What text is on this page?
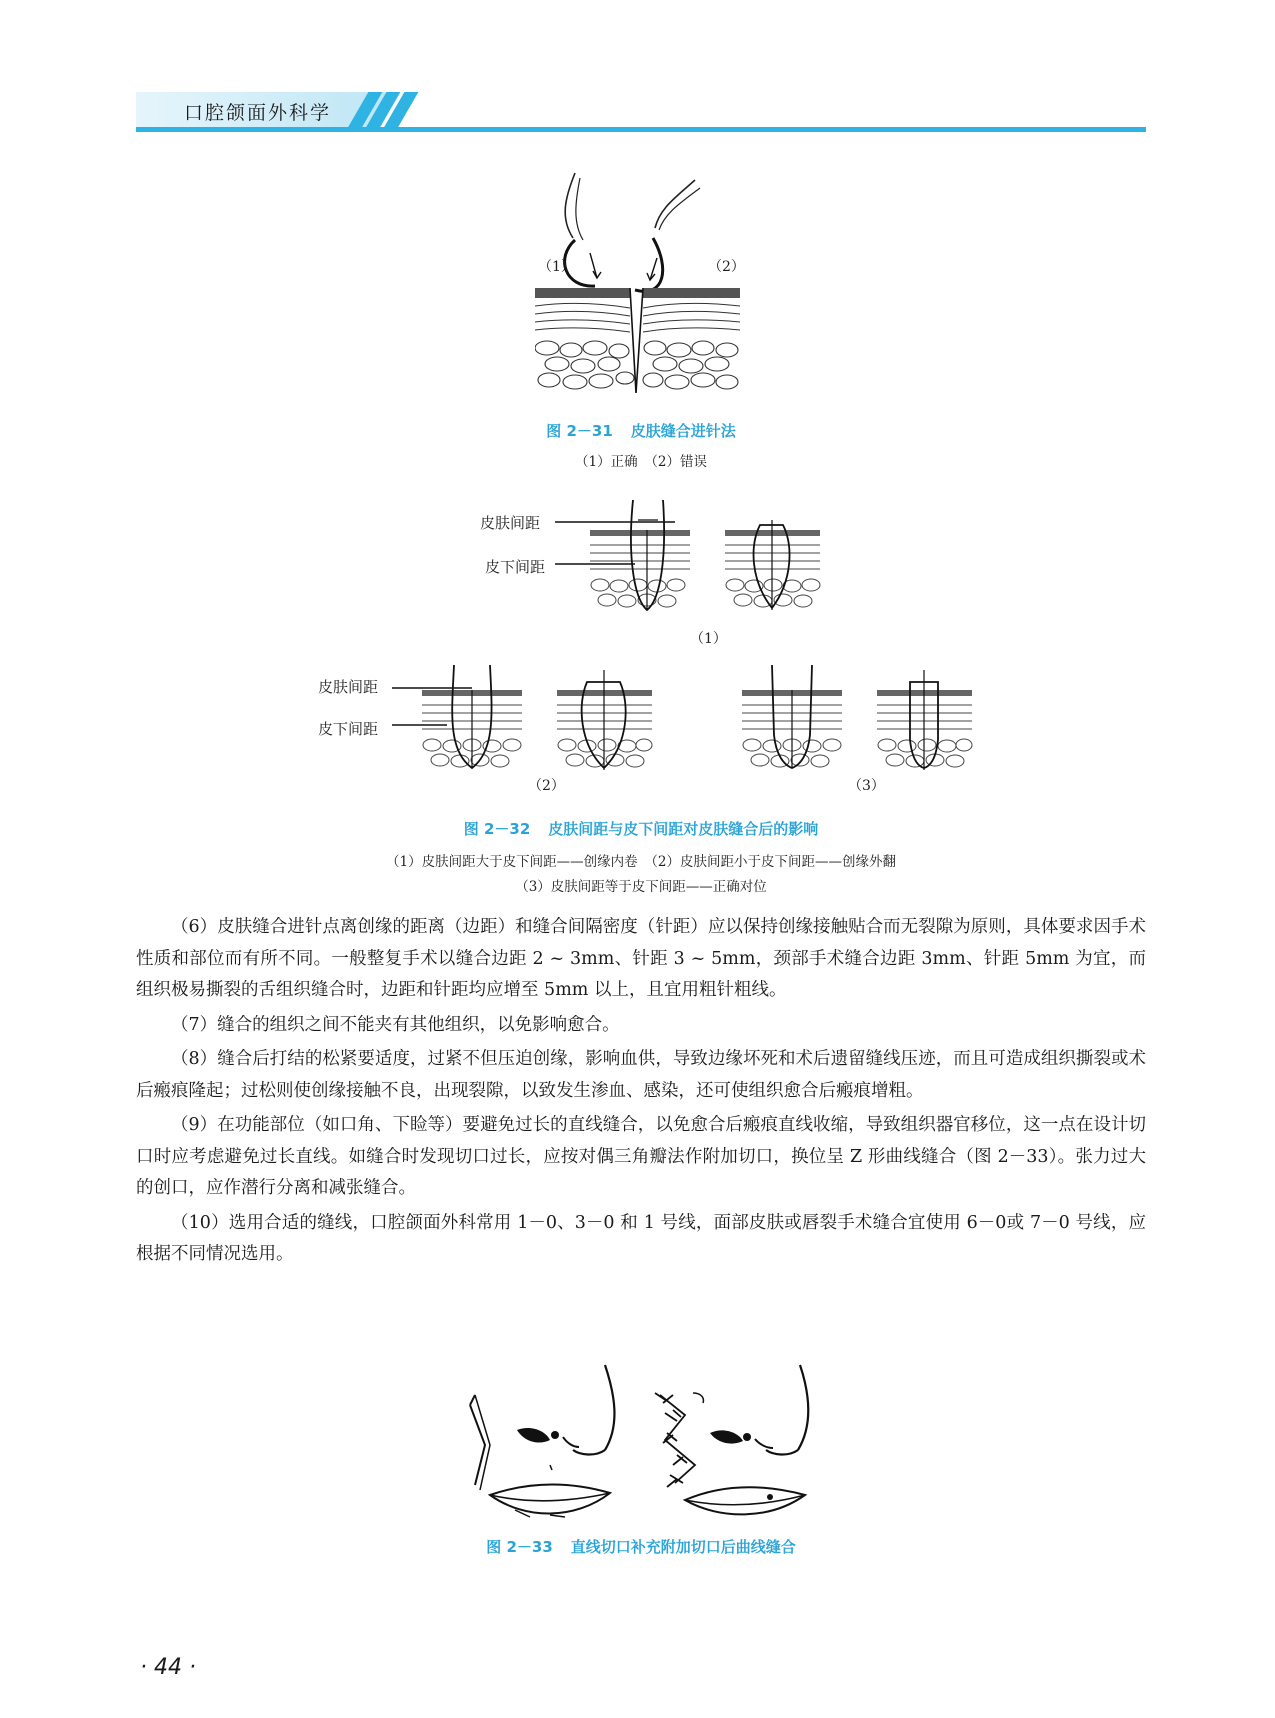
口腔颌面外科学
（1）	（2）
图 2－31 皮肤缝合进针法
（1）正确　（2）错误
皮肤间距
皮下间距
（1）
皮肤间距
皮下间距
（2）	（3）
图 2－32 皮肤间距与皮下间距对皮肤缝合后的影响
（1）皮肤间距大于皮下间距——创缘内卷　（2）皮肤间距小于皮下间距——创缘外翻
（3）皮肤间距等于皮下间距——正确对位

（6）皮肤缝合进针点离创缘的距离（边距）和缝合间隔密度（针距）应以保持创缘接触贴合而无裂隙为原则，具体要求因手术性质和部位而有所不同。一般整复手术以缝合边距 2 ~ 3mm、针距 3 ~ 5mm，颈部手术缝合边距 3mm、针距 5mm 为宜，而组织极易撕裂的舌组织缝合时，边距和针距均应增至 5mm 以上，且宜用粗针粗线。

（7）缝合的组织之间不能夹有其他组织，以免影响愈合。

（8）缝合后打结的松紧要适度，过紧不但压迫创缘，影响血供，导致边缘坏死和术后遗留缝线压迹，而且可造成组织撕裂或术后瘢痕隆起；过松则使创缘接触不良，出现裂隙，以致发生渗血、感染，还可使组织愈合后瘢痕增粗。

（9）在功能部位（如口角、下睑等）要避免过长的直线缝合，以免愈合后瘢痕直线收缩，导致组织器官移位，这一点在设计切口时应考虑避免过长直线。如缝合时发现切口过长，应按对偶三角瓣法作附加切口，换位呈 Z 形曲线缝合（图 2－33）。张力过大的创口，应作潜行分离和减张缝合。

（10）选用合适的缝线，口腔颌面外科常用 1－0、3－0 和 1 号线，面部皮肤或唇裂手术缝合宜使用 6－0或 7－0 号线，应根据不同情况选用。

图 2－33 直线切口补充附加切口后曲线缝合
· 44 ·
